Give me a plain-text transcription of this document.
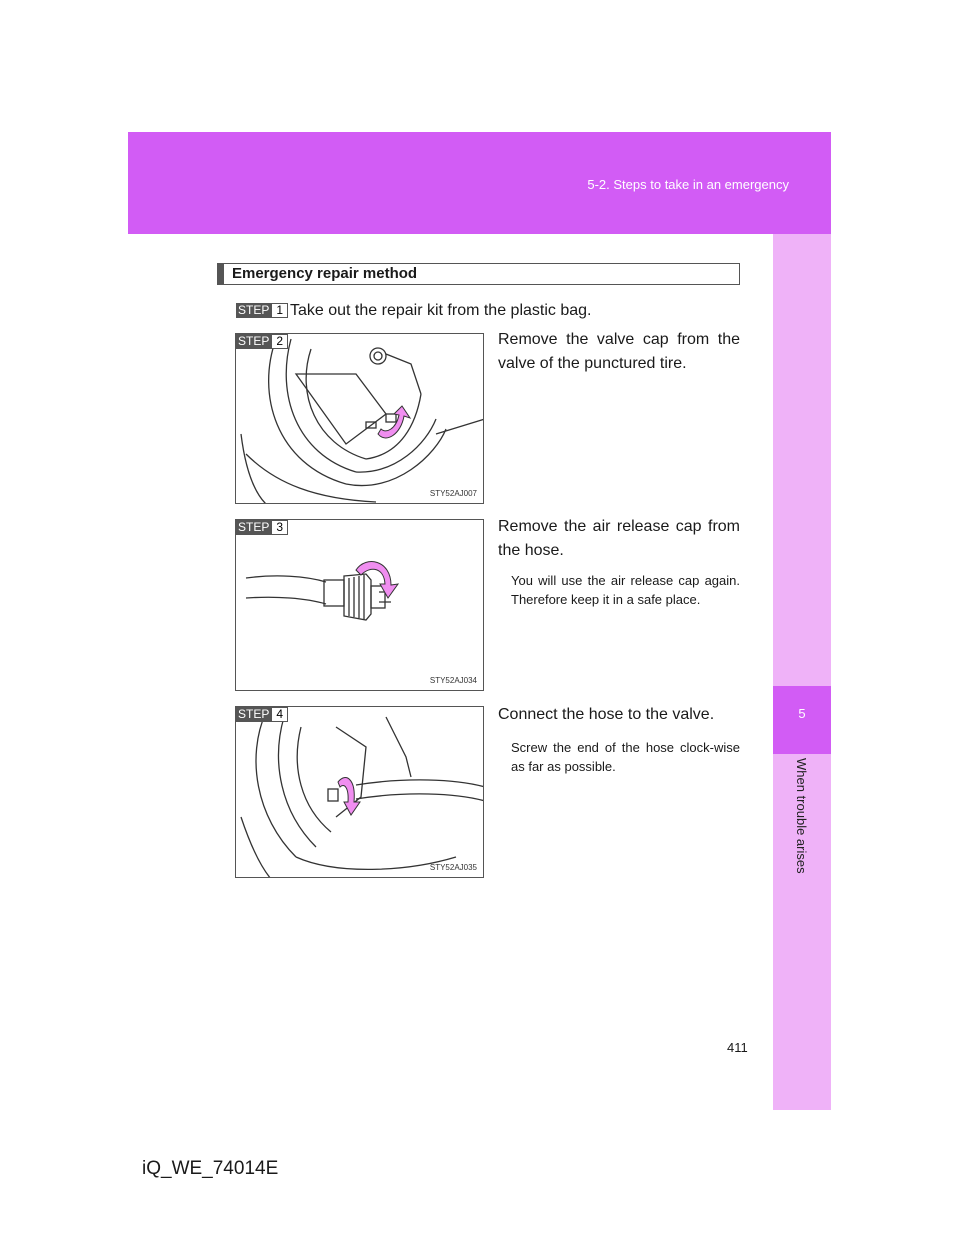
5-2. Steps to take in an emergency
5
When trouble arises
Emergency repair method
STEP 1 Take out the repair kit from the plastic bag.
STEP 2
STY52AJ007
Remove the valve cap from the valve of the punctured tire.
STEP 3
STY52AJ034
Remove the air release cap from the hose.
You will use the air release cap again. Therefore keep it in a safe place.
STEP 4
STY52AJ035
Connect the hose to the valve.
Screw the end of the hose clock-wise as far as possible.
411
iQ_WE_74014E
